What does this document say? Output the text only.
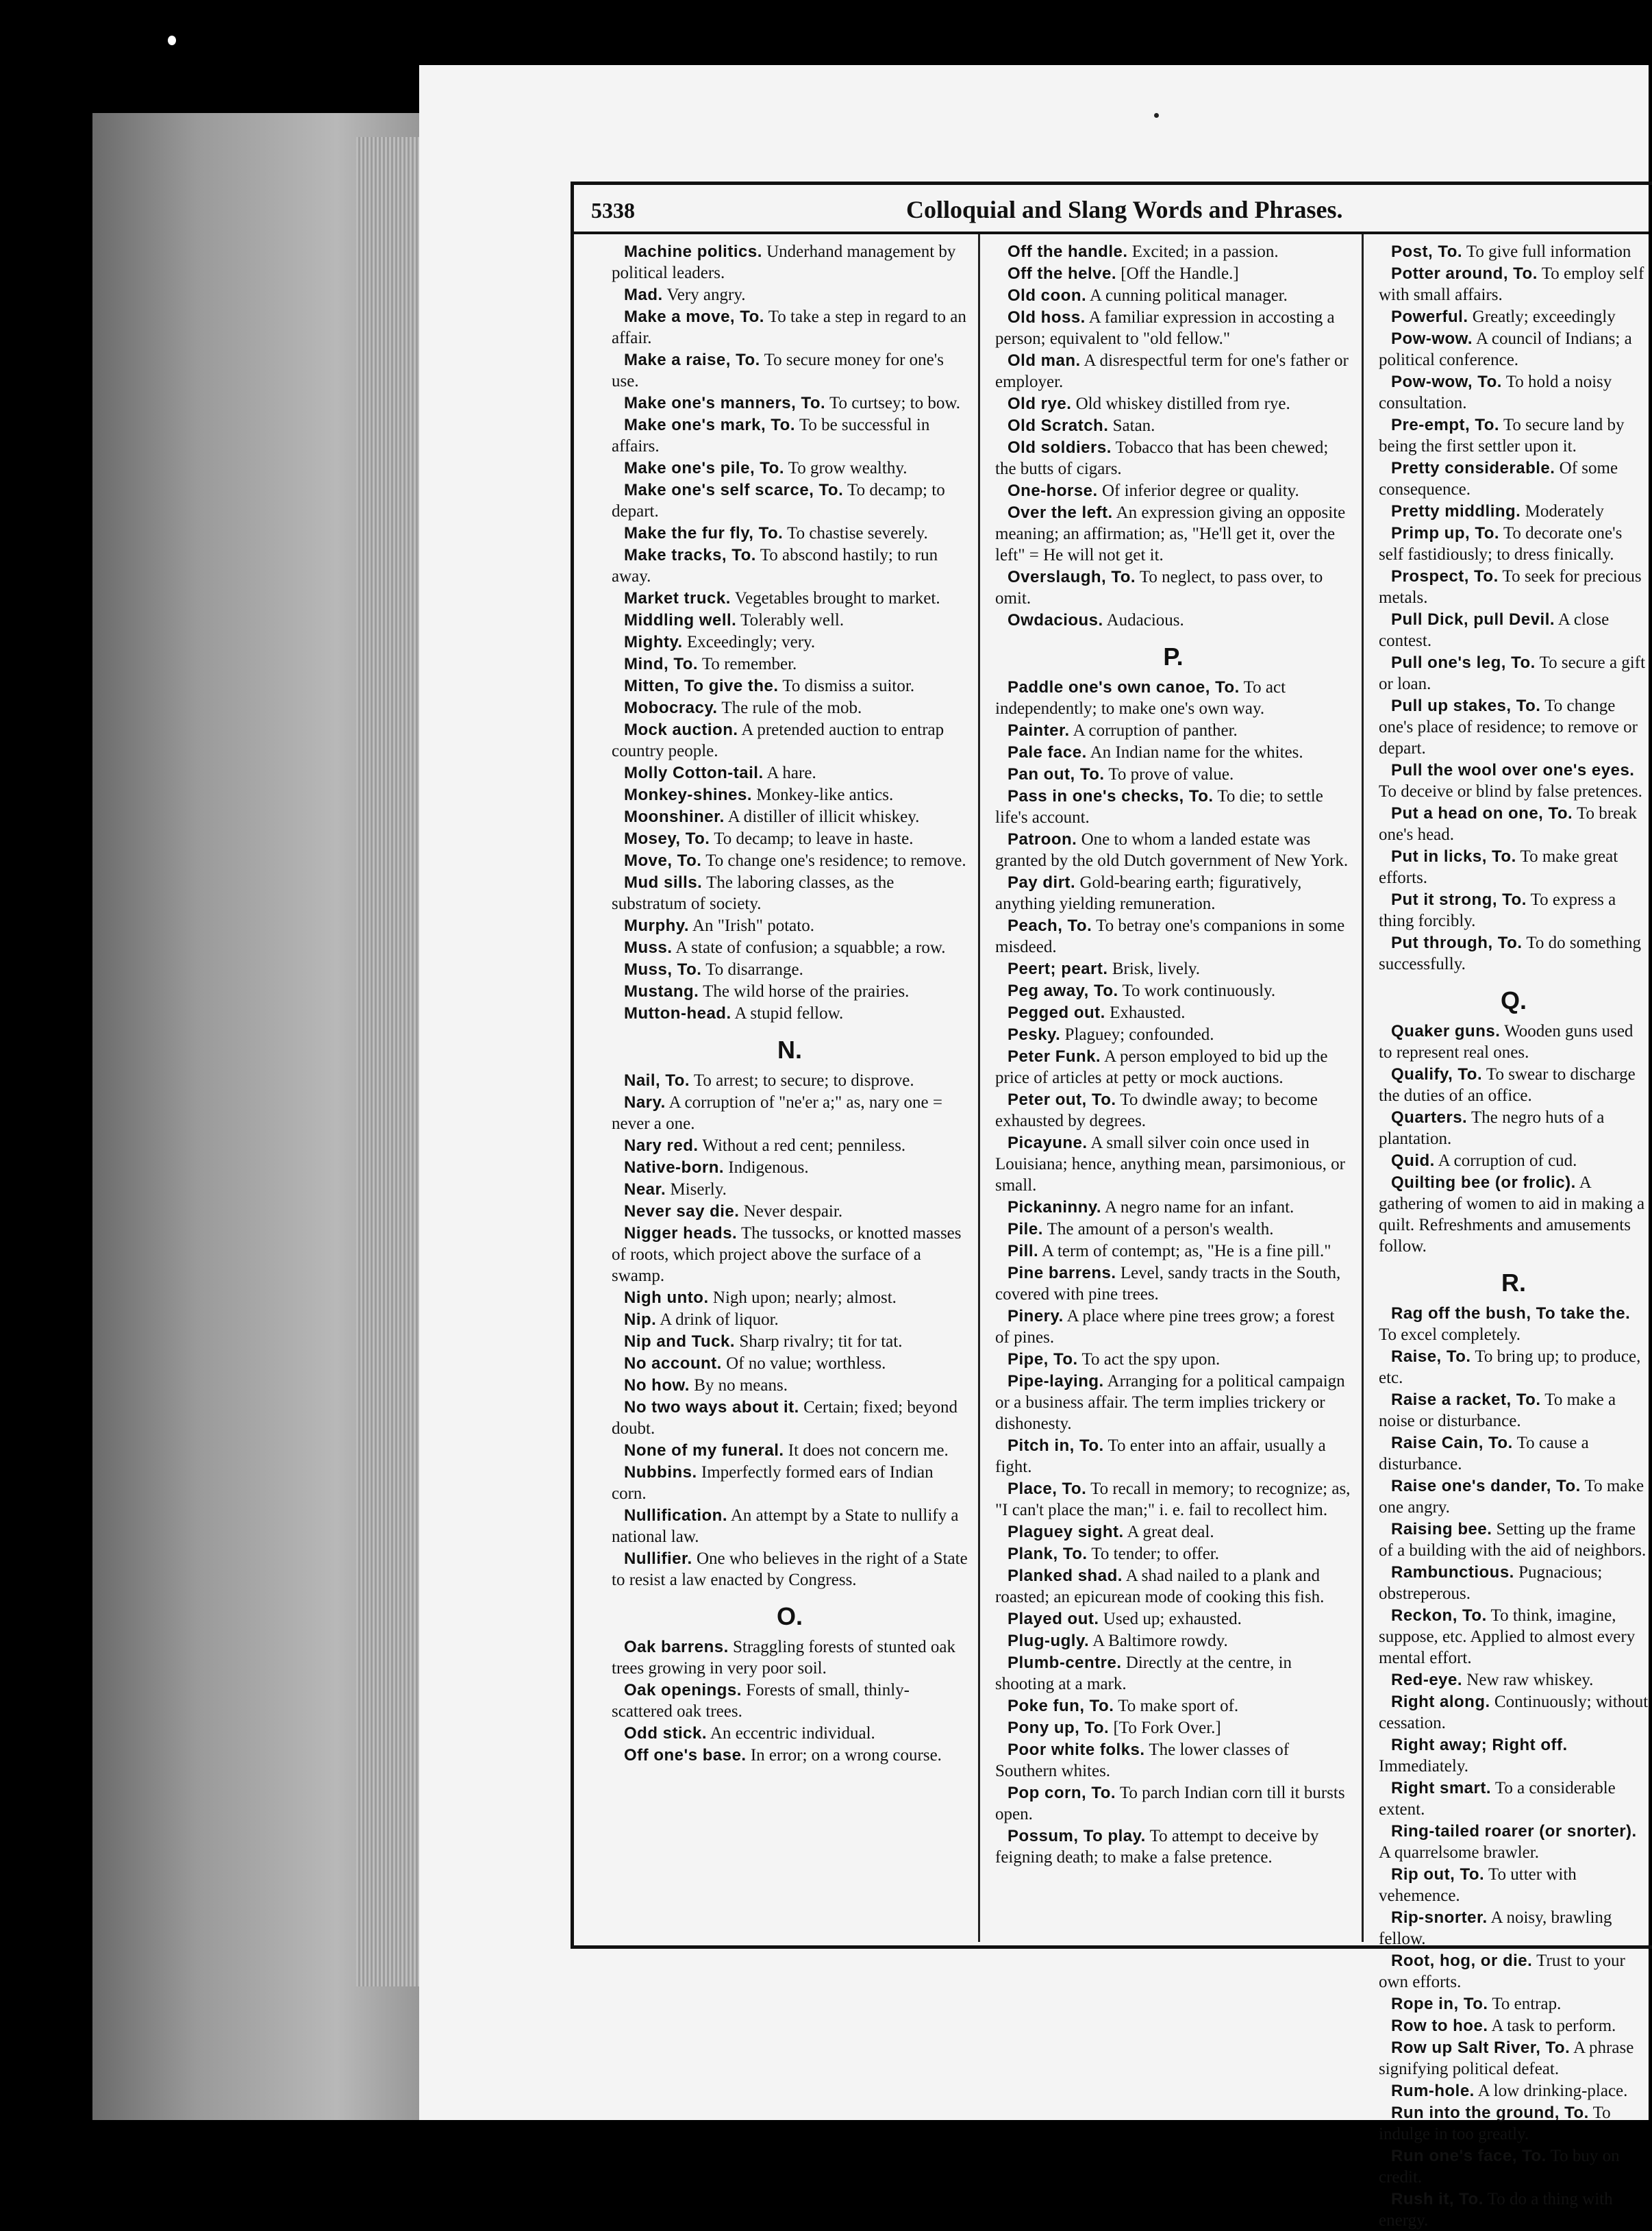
5338	Colloquial and Slang Words and Phrases.
Machine politics. Underhand management by political leaders.
Mad. Very angry.
Make a move, To. To take a step in regard to an affair.
Make a raise, To. To secure money for one's use.
Make one's manners, To. To curtsey; to bow.
Make one's mark, To. To be successful in affairs.
Make one's pile, To. To grow wealthy.
Make one's self scarce, To. To decamp; to depart.
Make the fur fly, To. To chastise severely.
Make tracks, To. To abscond hastily; to run away.
Market truck. Vegetables brought to market.
Middling well. Tolerably well.
Mighty. Exceedingly; very.
Mind, To. To remember.
Mitten, To give the. To dismiss a suitor.
Mobocracy. The rule of the mob.
Mock auction. A pretended auction to entrap country people.
Molly Cotton-tail. A hare.
Monkey-shines. Monkey-like antics.
Moonshiner. A distiller of illicit whiskey.
Mosey, To. To decamp; to leave in haste.
Move, To. To change one's residence; to remove.
Mud sills. The laboring classes, as the substratum of society.
Murphy. An "Irish" potato.
Muss. A state of confusion; a squabble; a row.
Muss, To. To disarrange.
Mustang. The wild horse of the prairies.
Mutton-head. A stupid fellow.
N.
Nail, To. To arrest; to secure; to disprove.
Nary. A corruption of "ne'er a;" as, nary one = never a one.
Nary red. Without a red cent; penniless.
Native-born. Indigenous.
Near. Miserly.
Never say die. Never despair.
Nigger heads. The tussocks, or knotted masses of roots, which project above the surface of a swamp.
Nigh unto. Nigh upon; nearly; almost.
Nip. A drink of liquor.
Nip and Tuck. Sharp rivalry; tit for tat.
No account. Of no value; worthless.
No how. By no means.
No two ways about it. Certain; fixed; beyond doubt.
None of my funeral. It does not concern me.
Nubbins. Imperfectly formed ears of Indian corn.
Nullification. An attempt by a State to nullify a national law.
Nullifier. One who believes in the right of a State to resist a law enacted by Congress.
O.
Oak barrens. Straggling forests of stunted oak trees growing in very poor soil.
Oak openings. Forests of small, thinly-scattered oak trees.
Odd stick. An eccentric individual.
Off one's base. In error; on a wrong course.
Off the handle. Excited; in a passion.
Off the helve. [Off the Handle.]
Old coon. A cunning political manager.
Old hoss. A familiar expression in accosting a person; equivalent to "old fellow."
Old man. A disrespectful term for one's father or employer.
Old rye. Old whiskey distilled from rye.
Old Scratch. Satan.
Old soldiers. Tobacco that has been chewed; the butts of cigars.
One-horse. Of inferior degree or quality.
Over the left. An expression giving an opposite meaning; an affirmation; as, "He'll get it, over the left" = He will not get it.
Overslaugh, To. To neglect, to pass over, to omit.
Owdacious. Audacious.
P.
Paddle one's own canoe, To. To act independently; to make one's own way.
Painter. A corruption of panther.
Pale face. An Indian name for the whites.
Pan out, To. To prove of value.
Pass in one's checks, To. To die; to settle life's account.
Patroon. One to whom a landed estate was granted by the old Dutch government of New York.
Pay dirt. Gold-bearing earth; figuratively, anything yielding remuneration.
Peach, To. To betray one's companions in some misdeed.
Peert; peart. Brisk, lively.
Peg away, To. To work continuously.
Pegged out. Exhausted.
Pesky. Plaguey; confounded.
Peter Funk. A person employed to bid up the price of articles at petty or mock auctions.
Peter out, To. To dwindle away; to become exhausted by degrees.
Picayune. A small silver coin once used in Louisiana; hence, anything mean, parsimonious, or small.
Pickaninny. A negro name for an infant.
Pile. The amount of a person's wealth.
Pill. A term of contempt; as, "He is a fine pill."
Pine barrens. Level, sandy tracts in the South, covered with pine trees.
Pinery. A place where pine trees grow; a forest of pines.
Pipe, To. To act the spy upon.
Pipe-laying. Arranging for a political campaign or a business affair. The term implies trickery or dishonesty.
Pitch in, To. To enter into an affair, usually a fight.
Place, To. To recall in memory; to recognize; as, "I can't place the man;" i. e. fail to recollect him.
Plaguey sight. A great deal.
Plank, To. To tender; to offer.
Planked shad. A shad nailed to a plank and roasted; an epicurean mode of cooking this fish.
Played out. Used up; exhausted.
Plug-ugly. A Baltimore rowdy.
Plumb-centre. Directly at the centre, in shooting at a mark.
Poke fun, To. To make sport of.
Pony up, To. [To Fork Over.]
Poor white folks. The lower classes of Southern whites.
Pop corn, To. To parch Indian corn till it bursts open.
Possum, To play. To attempt to deceive by feigning death; to make a false pretence.
Post, To. To give full information
Potter around, To. To employ self with small affairs.
Powerful. Greatly; exceedingly
Pow-wow. A council of Indians; a political conference.
Pow-wow, To. To hold a noisy consultation.
Pre-empt, To. To secure land by being the first settler upon it.
Pretty considerable. Of some consequence.
Pretty middling. Moderately
Primp up, To. To decorate one's self fastidiously; to dress finically.
Prospect, To. To seek for precious metals.
Pull Dick, pull Devil. A close contest.
Pull one's leg, To. To secure a gift or loan.
Pull up stakes, To. To change one's place of residence; to remove or depart.
Pull the wool over one's eyes. To deceive or blind by false pretences.
Put a head on one, To. To break one's head.
Put in licks, To. To make great efforts.
Put it strong, To. To express a thing forcibly.
Put through, To. To do something successfully.
Q.
Quaker guns. Wooden guns used to represent real ones.
Qualify, To. To swear to discharge the duties of an office.
Quarters. The negro huts of a plantation.
Quid. A corruption of cud.
Quilting bee (or frolic). A gathering of women to aid in making a quilt. Refreshments and amusements follow.
R.
Rag off the bush, To take the. To excel completely.
Raise, To. To bring up; to produce, etc.
Raise a racket, To. To make a noise or disturbance.
Raise Cain, To. To cause a disturbance.
Raise one's dander, To. To make one angry.
Raising bee. Setting up the frame of a building with the aid of neighbors.
Rambunctious. Pugnacious; obstreperous.
Reckon, To. To think, imagine, suppose, etc. Applied to almost every mental effort.
Red-eye. New raw whiskey.
Right along. Continuously; without cessation.
Right away; Right off. Immediately.
Right smart. To a considerable extent.
Ring-tailed roarer (or snorter). A quarrelsome brawler.
Rip out, To. To utter with vehemence.
Rip-snorter. A noisy, brawling fellow.
Root, hog, or die. Trust to your own efforts.
Rope in, To. To entrap.
Row to hoe. A task to perform.
Row up Salt River, To. A phrase signifying political defeat.
Rum-hole. A low drinking-place.
Run into the ground, To. To indulge in too greatly.
Run one's face, To. To buy on credit.
Rush it, To. To do a thing with energy.
